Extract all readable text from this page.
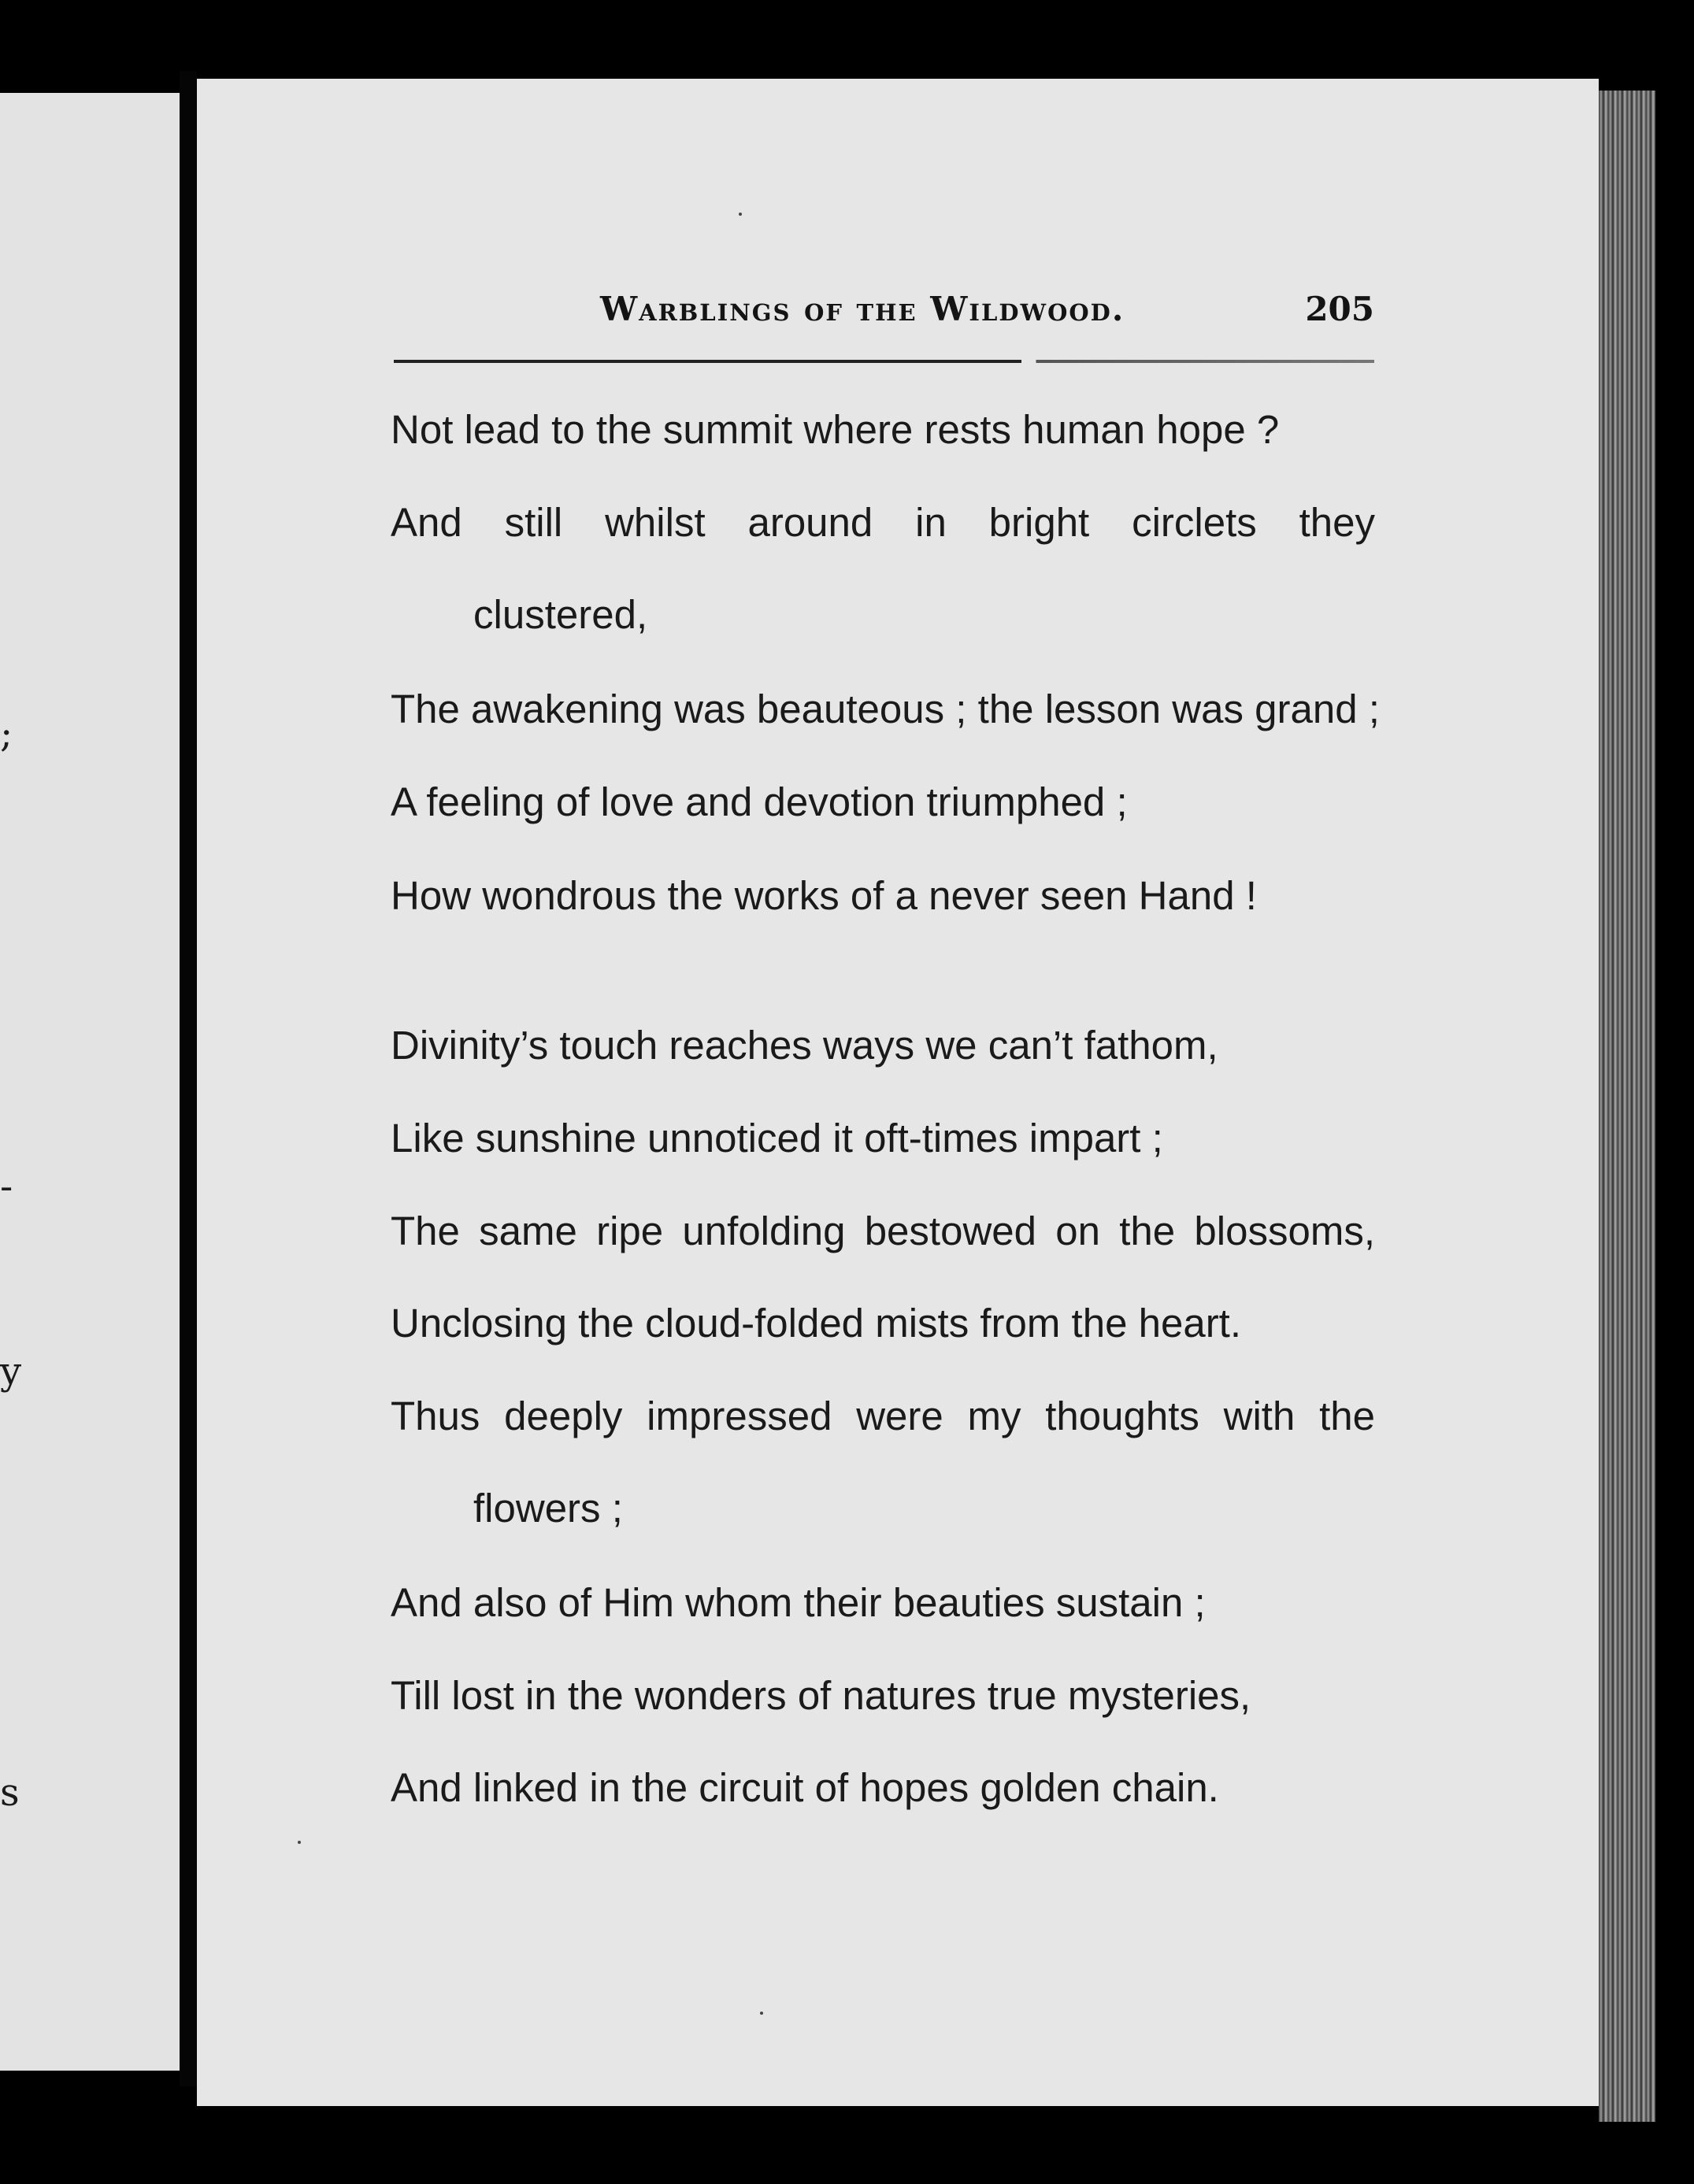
;
-
y
s
Warblings of the Wildwood.	205
Not lead to the summit where rests human hope ?
And still whilst around in bright circlets they
clustered,
The awakening was beauteous ; the lesson was grand ;
A feeling of love and devotion triumphed ;
How wondrous the works of a never seen Hand !
Divinity’s touch reaches ways we can’t fathom,
Like sunshine unnoticed it oft-times impart ;
The same ripe unfolding bestowed on the blossoms,
Unclosing the cloud-folded mists from the heart.
Thus deeply impressed were my thoughts with the
flowers ;
And also of Him whom their beauties sustain ;
Till lost in the wonders of natures true mysteries,
And linked in the circuit of hopes golden chain.
